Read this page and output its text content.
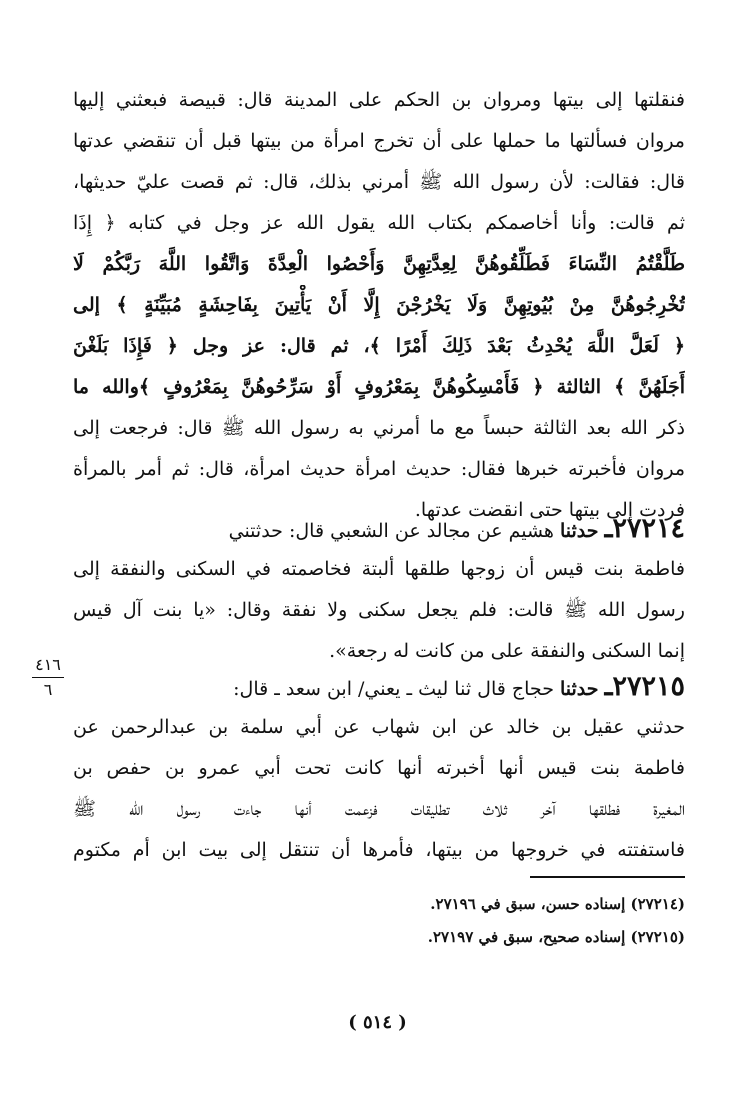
فنقلتها إلى بيتها ومروان بن الحكم على المدينة قال: قبيصة فبعثني إليها
مروان فسألتها ما حملها على أن تخرج امرأة من بيتها قبل أن تنقضي عدتها
قال: فقالت: لأن رسول الله ﷺ أمرني بذلك، قال: ثم قصت عليّ حديثها،
ثم قالت: وأنا أخاصمكم بكتاب الله يقول الله عز وجل في كتابه ﴿ إِذَا
طَلَّقْتُمُ النِّسَاءَ فَطَلِّقُوهُنَّ لِعِدَّتِهِنَّ وَأَحْصُوا الْعِدَّةَ وَاتَّقُوا اللَّهَ رَبَّكُمْ لَا
تُخْرِجُوهُنَّ مِنْ بُيُوتِهِنَّ وَلَا يَخْرُجْنَ إِلَّا أَنْ يَأْتِينَ بِفَاحِشَةٍ مُبَيِّنَةٍ ﴾ إلى
﴿ لَعَلَّ اللَّهَ يُحْدِثُ بَعْدَ ذَلِكَ أَمْرًا ﴾، ثم قال: عز وجل ﴿ فَإِذَا بَلَغْنَ
أَجَلَهُنَّ ﴾ الثالثة ﴿ فَأَمْسِكُوهُنَّ بِمَعْرُوفٍ أَوْ سَرِّحُوهُنَّ بِمَعْرُوفٍ ﴾والله ما
ذكر الله بعد الثالثة حبساً مع ما أمرني به رسول الله ﷺ قال: فرجعت إلى
مروان فأخبرته خبرها فقال: حديث امرأة حديث امرأة، قال: ثم أمر بالمرأة
فردت إلى بيتها حتى انقضت عدتها.
٢٧٢١٤ـ حدثنا هشيم عن مجالد عن الشعبي قال: حدثتني
فاطمة بنت قيس أن زوجها طلقها ألبتة فخاصمته في السكنى والنفقة إلى
رسول الله ﷺ قالت: فلم يجعل سكنى ولا نفقة وقال: «يا بنت آل قيس
إنما السكنى والنفقة على من كانت له رجعة».
٤١٦
٦	٢٧٢١٥ـ حدثنا حجاج قال ثنا ليث ـ يعني/ ابن سعد ـ قال:
حدثني عقيل بن خالد عن ابن شهاب عن أبي سلمة بن عبدالرحمن عن
فاطمة بنت قيس أنها أخبرته أنها كانت تحت أبي عمرو بن حفص بن
المغيرة فطلقها آخر ثلاث تطليقات فزعمت أنها جاءت رسول الله ﷺ
فاستفتته في خروجها من بيتها، فأمرها أن تنتقل إلى بيت ابن أم مكتوم
(٢٧٢١٤) إسناده حسن، سبق في ٢٧١٩٦.
(٢٧٢١٥) إسناده صحيح، سبق في ٢٧١٩٧.
( ٥١٤ )
